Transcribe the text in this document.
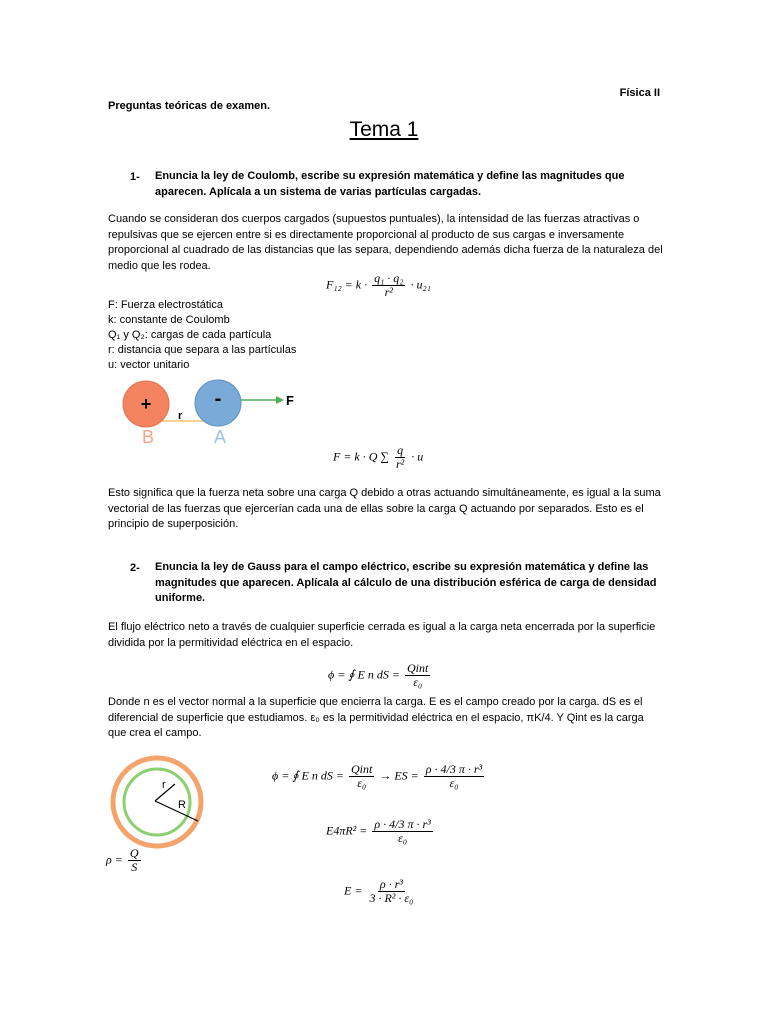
Física II
Preguntas teóricas de examen.
Tema 1
1- Enuncia la ley de Coulomb, escribe su expresión matemática y define las magnitudes que aparecen. Aplícala a un sistema de varias partículas cargadas.
Cuando se consideran dos cuerpos cargados (supuestos puntuales), la intensidad de las fuerzas atractivas o repulsivas que se ejercen entre si es directamente proporcional al producto de sus cargas e inversamente proporcional al cuadrado de las distancias que las separa, dependiendo además dicha fuerza de la naturaleza del medio que les rodea.
$F_{12} = k \cdot \frac{\text{q₁ · q₂}}{\text{r²}} \cdot u_{21}$
F: Fuerza electrostática
k: constante de Coulomb
Q₁ y Q₂: cargas de cada partícula
r: distancia que separa a las partículas
u: vector unitario
+	-	F
r
B	A
F = k · Q ∑ $\frac{q}{\text{r²}} \cdot u$
Esto significa que la fuerza neta sobre una carga Q debido a otras actuando simultáneamente, es igual a la suma vectorial de las fuerzas que ejercerían cada una de ellas sobre la carga Q actuando por separados. Esto es el principio de superposición.
2- Enuncia la ley de Gauss para el campo eléctrico, escribe su expresión matemática y define las magnitudes que aparecen. Aplícala al cálculo de una distribución esférica de carga de densidad uniforme.
El flujo eléctrico neto a través de cualquier superficie cerrada es igual a la carga neta encerrada por la superficie dividida por la permitividad eléctrica en el espacio.
ϕ = ∮ E n dS = $\frac{\text{Qint}}{\text{ε₀}}$
Donde n es el vector normal a la superficie que encierra la carga. E es el campo creado por la carga. dS es el diferencial de superficie que estudiamos. ε₀ es la permitividad eléctrica en el espacio, πK/4. Y Qint es la carga que crea el campo.
r
R
$\rho = \frac{Q}{S}$
ϕ = ∮ E n dS = $\frac{\text{Qint}}{\text{ε₀}}$ → ES = $\frac{\text{ρ · 4/3 π · r³}}{\text{ε₀}}$
$E4\pi R^2 = \frac{\text{ρ · 4/3 π · r³}}{\text{ε₀}}$
$E = \frac{\text{ρ · r³}}{\text{3 · R² · ε₀}}$
